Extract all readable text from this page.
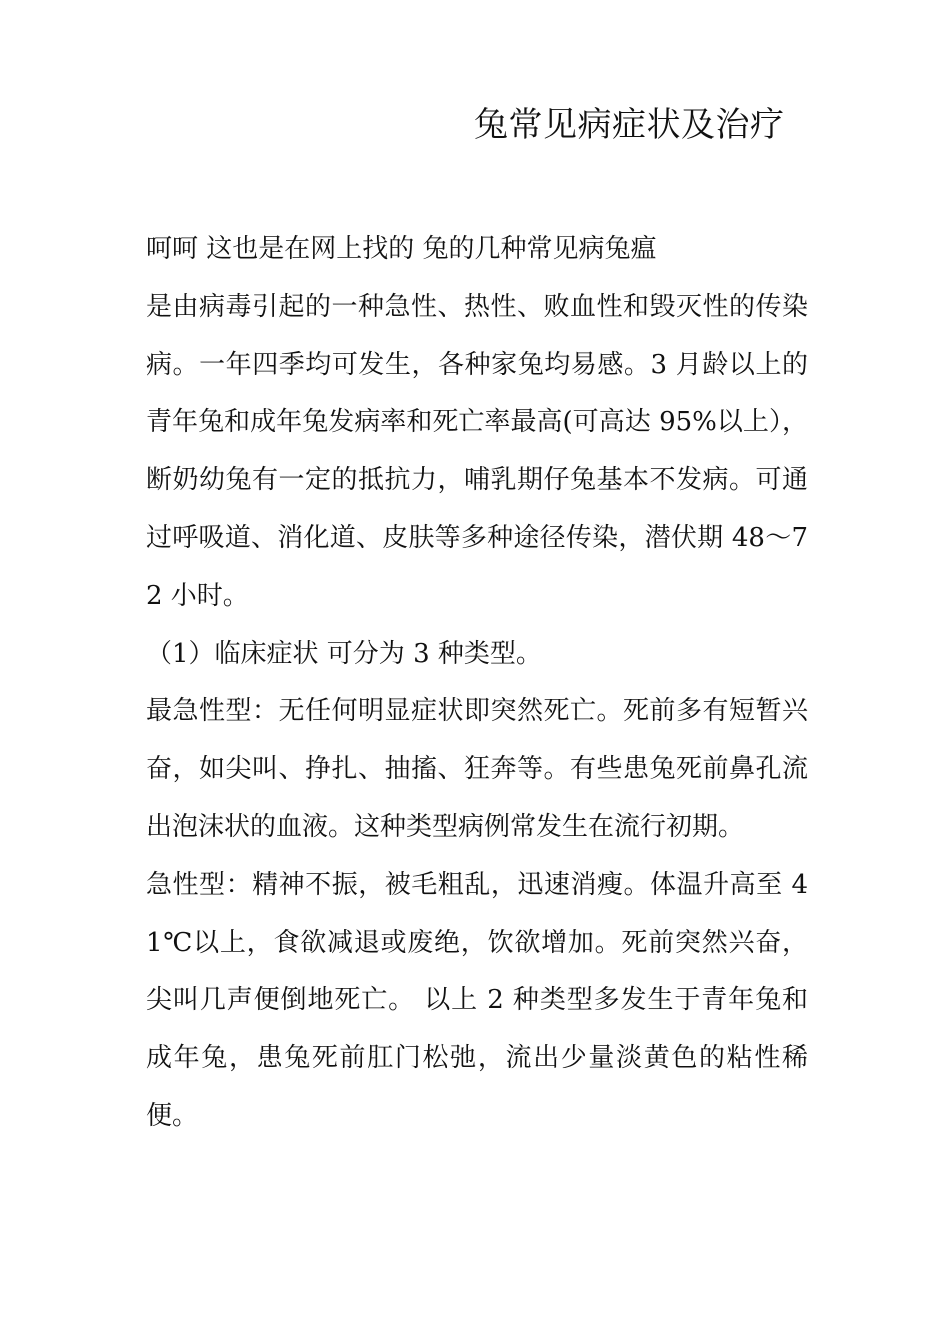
兔常见病症状及治疗

呵呵 这也是在网上找的 兔的几种常见病兔瘟

是由病毒引起的一种急性、热性、败血性和毁灭性的传染病。一年四季均可发生，各种家兔均易感。3 月龄以上的青年兔和成年兔发病率和死亡率最高(可高达 95%以上），断奶幼兔有一定的抵抗力，哺乳期仔兔基本不发病。可通过呼吸道、消化道、皮肤等多种途径传染，潜伏期 48～72 小时。

（1）临床症状 可分为 3 种类型。

最急性型：无任何明显症状即突然死亡。死前多有短暂兴奋，如尖叫、挣扎、抽搐、狂奔等。有些患兔死前鼻孔流出泡沫状的血液。这种类型病例常发生在流行初期。

急性型：精神不振，被毛粗乱，迅速消瘦。体温升高至 41℃以上，食欲减退或废绝，饮欲增加。死前突然兴奋，尖叫几声便倒地死亡。 以上 2 种类型多发生于青年兔和成年兔，患兔死前肛门松弛，流出少量淡黄色的粘性稀便。
